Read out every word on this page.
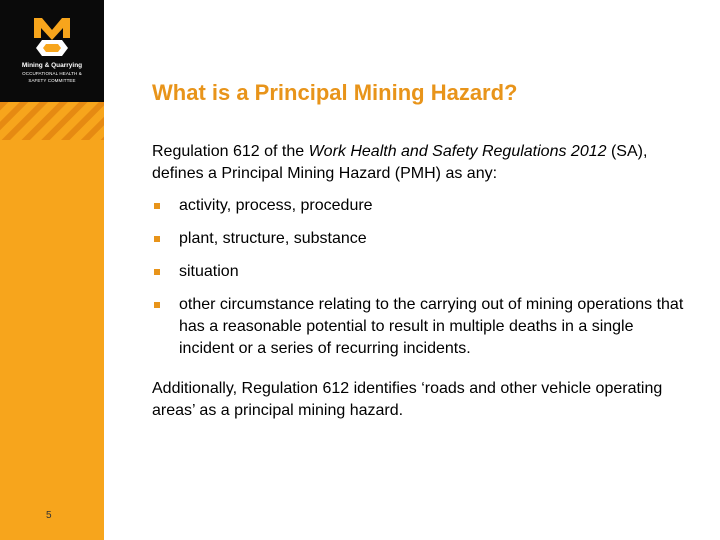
Mining & Quarrying
OCCUPATIONAL HEALTH &
SAFETY COMMITTEE
5
What is a Principal Mining Hazard?

Regulation 612 of the Work Health and Safety Regulations 2012 (SA), defines a Principal Mining Hazard (PMH) as any:

activity, process, procedure
plant, structure, substance
situation
other circumstance relating to the carrying out of mining operations that has a reasonable potential to result in multiple deaths in a single incident or a series of recurring incidents.

Additionally, Regulation 612 identifies ‘roads and other vehicle operating areas’ as a principal mining hazard.
